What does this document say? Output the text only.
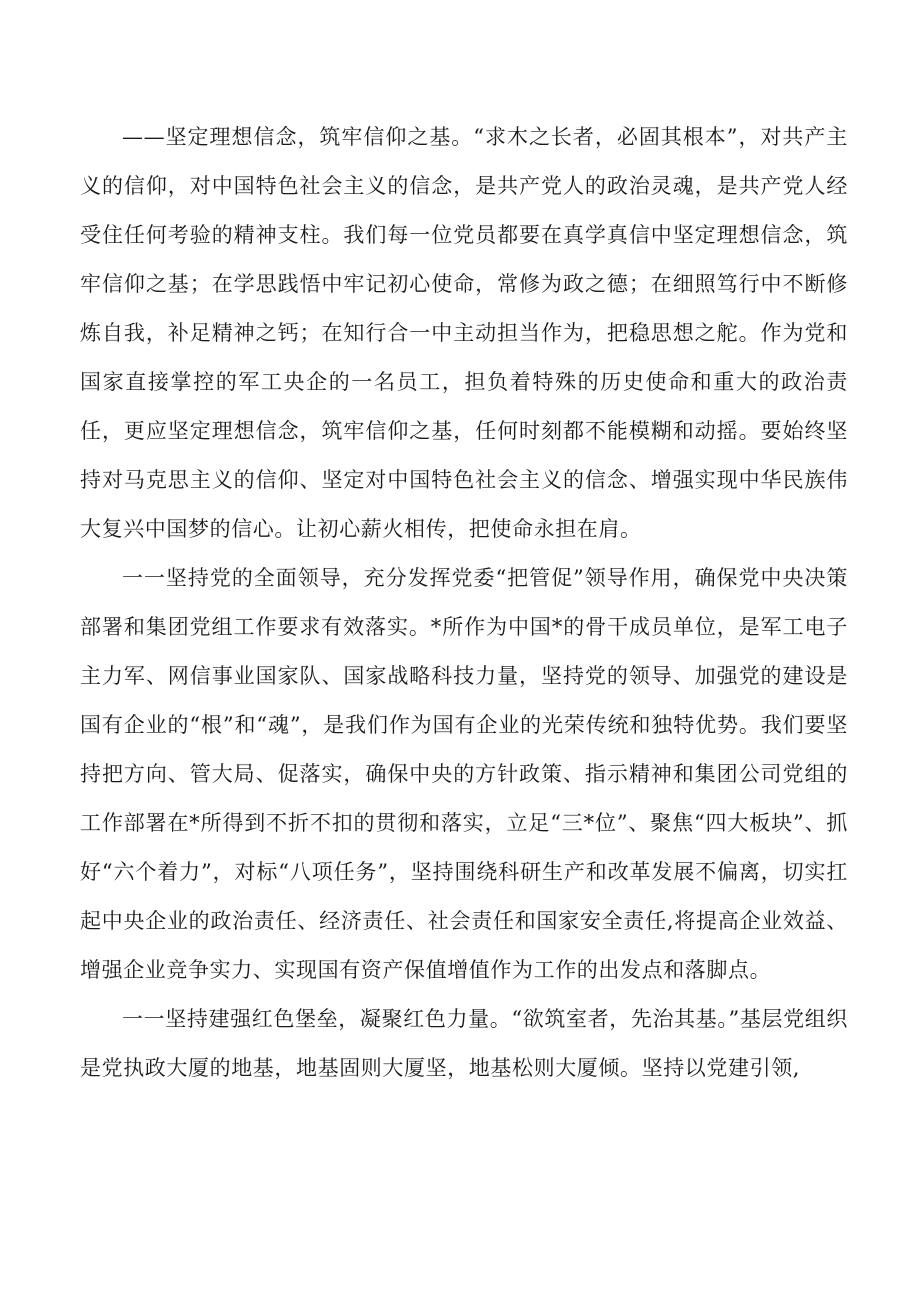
——坚定理想信念，筑牢信仰之基。“求木之长者，必固其根本”，对共产主义的信仰，对中国特色社会主义的信念，是共产党人的政治灵魂，是共产党人经受住任何考验的精神支柱。我们每一位党员都要在真学真信中坚定理想信念，筑牢信仰之基；在学思践悟中牢记初心使命，常修为政之德；在细照笃行中不断修炼自我，补足精神之钙；在知行合一中主动担当作为，把稳思想之舵。作为党和国家直接掌控的军工央企的一名员工，担负着特殊的历史使命和重大的政治责任，更应坚定理想信念，筑牢信仰之基，任何时刻都不能模糊和动摇。要始终坚持对马克思主义的信仰、坚定对中国特色社会主义的信念、增强实现中华民族伟大复兴中国梦的信心。让初心薪火相传，把使命永担在肩。

一一坚持党的全面领导，充分发挥党委“把管促”领导作用，确保党中央决策部署和集团党组工作要求有效落实。*所作为中国*的骨干成员单位，是军工电子主力军、网信事业国家队、国家战略科技力量，坚持党的领导、加强党的建设是国有企业的“根”和“魂”，是我们作为国有企业的光荣传统和独特优势。我们要坚持把方向、管大局、促落实，确保中央的方针政策、指示精神和集团公司党组的工作部署在*所得到不折不扣的贯彻和落实，立足“三*位”、聚焦“四大板块”、抓好“六个着力”，对标“八项任务”，坚持围绕科研生产和改革发展不偏离，切实扛起中央企业的政治责任、经济责任、社会责任和国家安全责任,将提高企业效益、增强企业竞争实力、实现国有资产保值增值作为工作的出发点和落脚点。

一一坚持建强红色堡垒，凝聚红色力量。“欲筑室者，先治其基。”基层党组织是党执政大厦的地基，地基固则大厦坚，地基松则大厦倾。坚持以党建引领,
